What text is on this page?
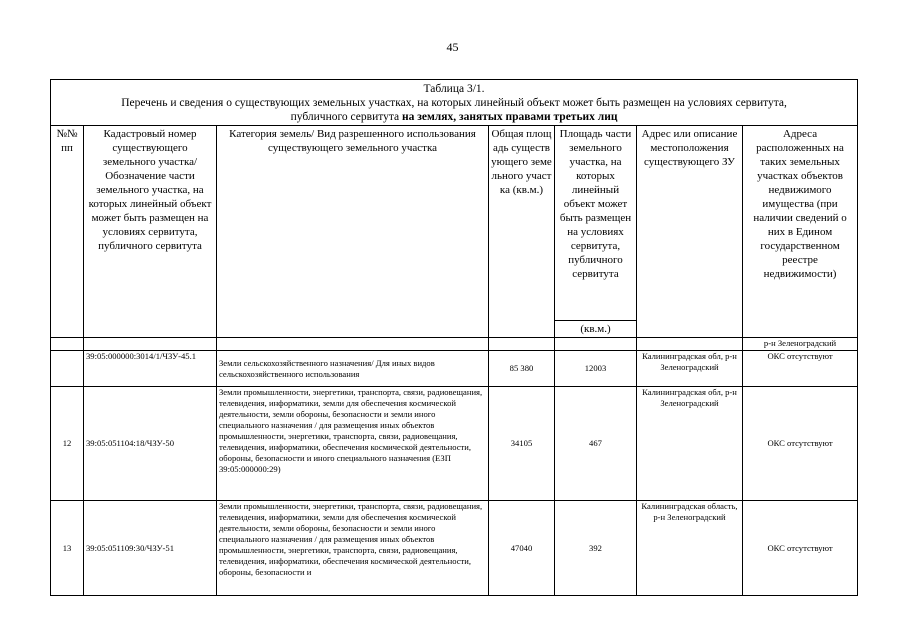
45
Таблица 3/1.
Перечень и сведения о существующих земельных участках, на которых линейный объект может быть размещен на условиях сервитута,
публичного сервитута на землях, занятых правами третьих лиц						

№№ пп	Кадастровый номер существующего земельного участка/ Обозначение части земельного участка, на которых линейный объект может быть размещен на условиях сервитута, публичного сервитута	Категория земель/ Вид разрешенного использования существующего земельного участка	Общая площадь существующего земельного участка (кв.м.)	Площадь части земельного участка, на которых линейный объект может быть размещен на условиях сервитута, публичного сервитута	Адрес или описание местоположения существующего ЗУ	Адреса расположенных на таких земельных участках объектов недвижимого имущества (при наличии сведений о них в Едином государственном реестре недвижимости)
				(кв.м.)		
						р-н Зеленоградский
	39:05:000000:3014/1/ЧЗУ-45.1	Земли сельскохозяйственного назначения/ Для иных видов сельскохозяйственного использования	85 380	12003	Калининградская обл, р-н Зеленоградский	ОКС отсутствуют
12	39:05:051104:18/ЧЗУ-50	Земли промышленности, энергетики, транспорта, связи, радиовещания, телевидения, информатики, земли для обеспечения космической деятельности, земли обороны, безопасности и земли иного специального назначения / для размещения иных объектов промышленности, энергетики, транспорта, связи, радиовещания, телевидения, информатики, обеспечения космической деятельности, обороны, безопасности и иного специального назначения (ЕЗП 39:05:000000:29)	34105	467	Калининградская обл, р-н Зеленоградский	ОКС отсутствуют
13	39:05:051109:30/ЧЗУ-51	Земли промышленности, энергетики, транспорта, связи, радиовещания, телевидения, информатики, земли для обеспечения космической деятельности, земли обороны, безопасности и земли иного специального назначения / для размещения иных объектов промышленности, энергетики, транспорта, связи, радиовещания, телевидения, информатики, обеспечения космической деятельности, обороны, безопасности и	47040	392	Калининградская область, р-н Зеленоградский	ОКС отсутствуют
